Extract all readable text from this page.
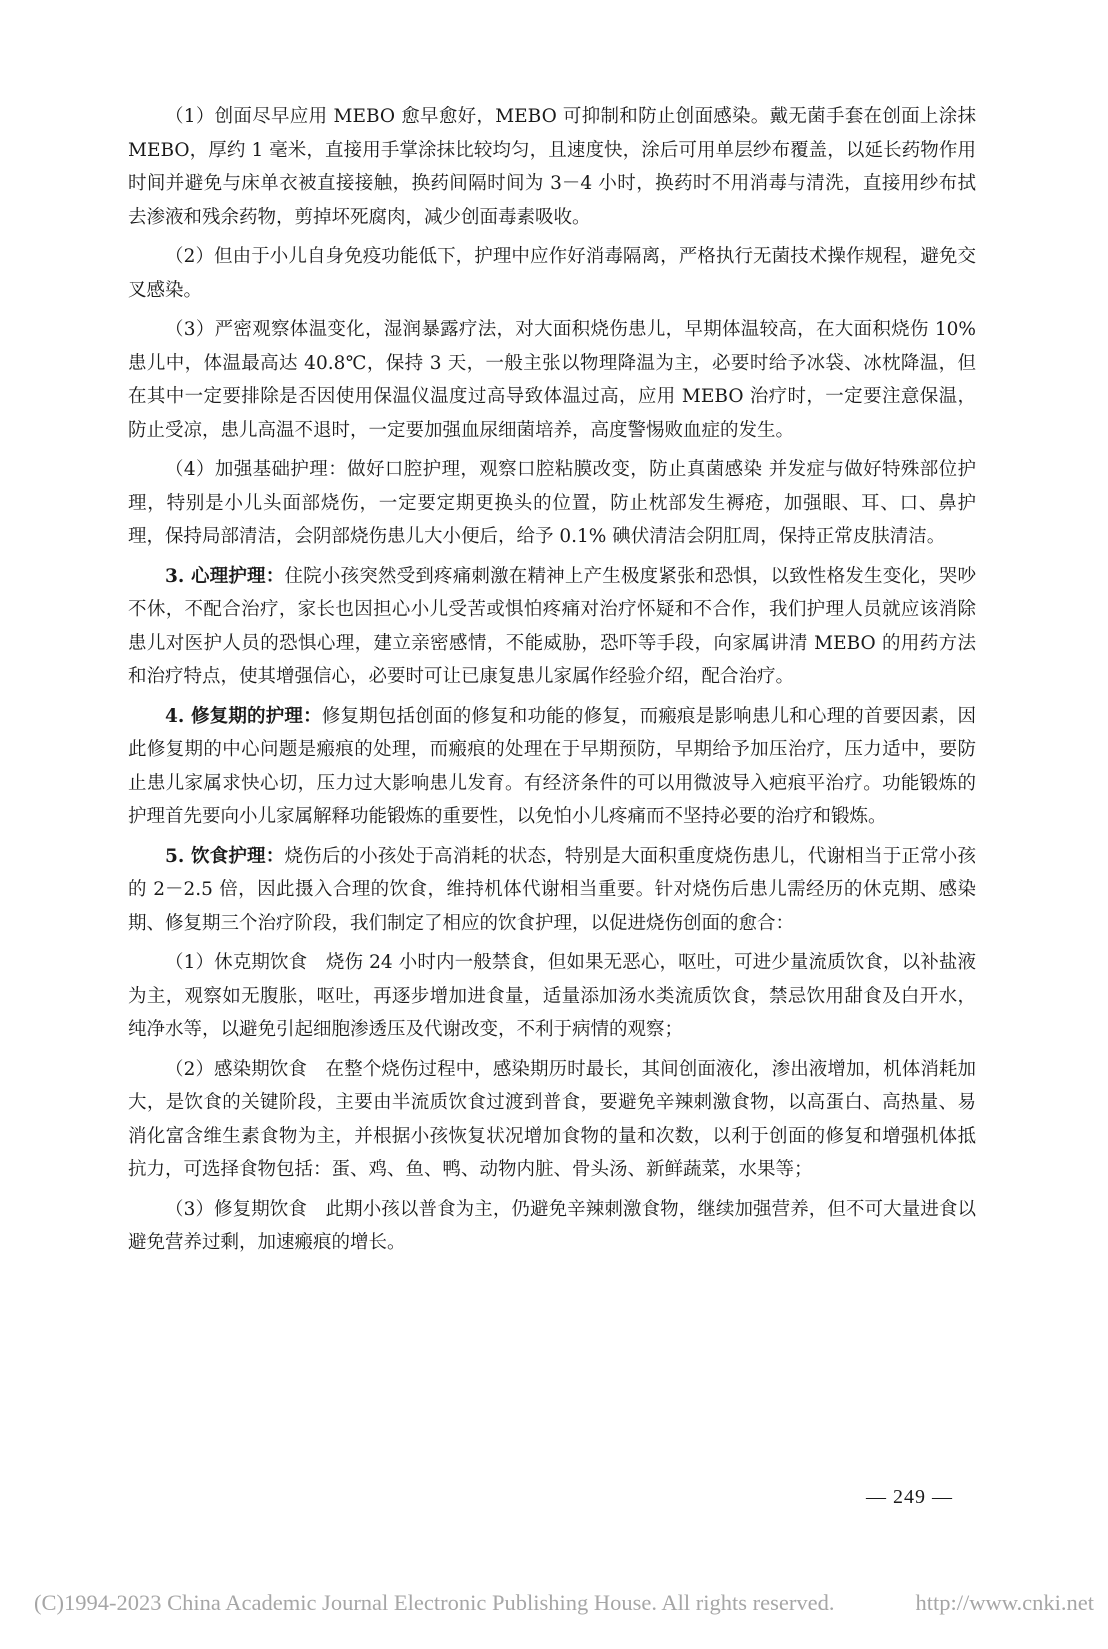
（1）创面尽早应用 MEBO 愈早愈好，MEBO 可抑制和防止创面感染。戴无菌手套在创面上涂抹 MEBO，厚约 1 毫米，直接用手掌涂抹比较均匀，且速度快，涂后可用单层纱布覆盖，以延长药物作用时间并避免与床单衣被直接接触，换药间隔时间为 3－4 小时，换药时不用消毒与清洗，直接用纱布拭去渗液和残余药物，剪掉坏死腐肉，减少创面毒素吸收。

（2）但由于小儿自身免疫功能低下，护理中应作好消毒隔离，严格执行无菌技术操作规程，避免交叉感染。

（3）严密观察体温变化，湿润暴露疗法，对大面积烧伤患儿，早期体温较高，在大面积烧伤 10% 患儿中，体温最高达 40.8℃，保持 3 天，一般主张以物理降温为主，必要时给予冰袋、冰枕降温，但在其中一定要排除是否因使用保温仪温度过高导致体温过高，应用 MEBO 治疗时，一定要注意保温，防止受凉，患儿高温不退时，一定要加强血尿细菌培养，高度警惕败血症的发生。

（4）加强基础护理：做好口腔护理，观察口腔粘膜改变，防止真菌感染 并发症与做好特殊部位护理，特别是小儿头面部烧伤，一定要定期更换头的位置，防止枕部发生褥疮，加强眼、耳、口、鼻护理，保持局部清洁，会阴部烧伤患儿大小便后，给予 0.1% 碘伏清洁会阴肛周，保持正常皮肤清洁。

3. 心理护理：住院小孩突然受到疼痛刺激在精神上产生极度紧张和恐惧，以致性格发生变化，哭吵不休，不配合治疗，家长也因担心小儿受苦或惧怕疼痛对治疗怀疑和不合作，我们护理人员就应该消除患儿对医护人员的恐惧心理，建立亲密感情，不能威胁，恐吓等手段，向家属讲清 MEBO 的用药方法和治疗特点，使其增强信心，必要时可让已康复患儿家属作经验介绍，配合治疗。

4. 修复期的护理：修复期包括创面的修复和功能的修复，而瘢痕是影响患儿和心理的首要因素，因此修复期的中心问题是瘢痕的处理，而瘢痕的处理在于早期预防，早期给予加压治疗，压力适中，要防止患儿家属求快心切，压力过大影响患儿发育。有经济条件的可以用微波导入疤痕平治疗。功能锻炼的护理首先要向小儿家属解释功能锻炼的重要性，以免怕小儿疼痛而不坚持必要的治疗和锻炼。

5. 饮食护理：烧伤后的小孩处于高消耗的状态，特别是大面积重度烧伤患儿，代谢相当于正常小孩的 2－2.5 倍，因此摄入合理的饮食，维持机体代谢相当重要。针对烧伤后患儿需经历的休克期、感染期、修复期三个治疗阶段，我们制定了相应的饮食护理，以促进烧伤创面的愈合：

（1）休克期饮食　烧伤 24 小时内一般禁食，但如果无恶心，呕吐，可进少量流质饮食，以补盐液为主，观察如无腹胀，呕吐，再逐步增加进食量，适量添加汤水类流质饮食，禁忌饮用甜食及白开水，纯净水等，以避免引起细胞渗透压及代谢改变，不利于病情的观察；

（2）感染期饮食　在整个烧伤过程中，感染期历时最长，其间创面液化，渗出液增加，机体消耗加大，是饮食的关键阶段，主要由半流质饮食过渡到普食，要避免辛辣刺激食物，以高蛋白、高热量、易消化富含维生素食物为主，并根据小孩恢复状况增加食物的量和次数，以利于创面的修复和增强机体抵抗力，可选择食物包括：蛋、鸡、鱼、鸭、动物内脏、骨头汤、新鲜蔬菜，水果等；

（3）修复期饮食　此期小孩以普食为主，仍避免辛辣刺激食物，继续加强营养，但不可大量进食以避免营养过剩，加速瘢痕的增长。

— 249 —
(C)1994-2023 China Academic Journal Electronic Publishing House. All rights reserved.	http://www.cnki.net
